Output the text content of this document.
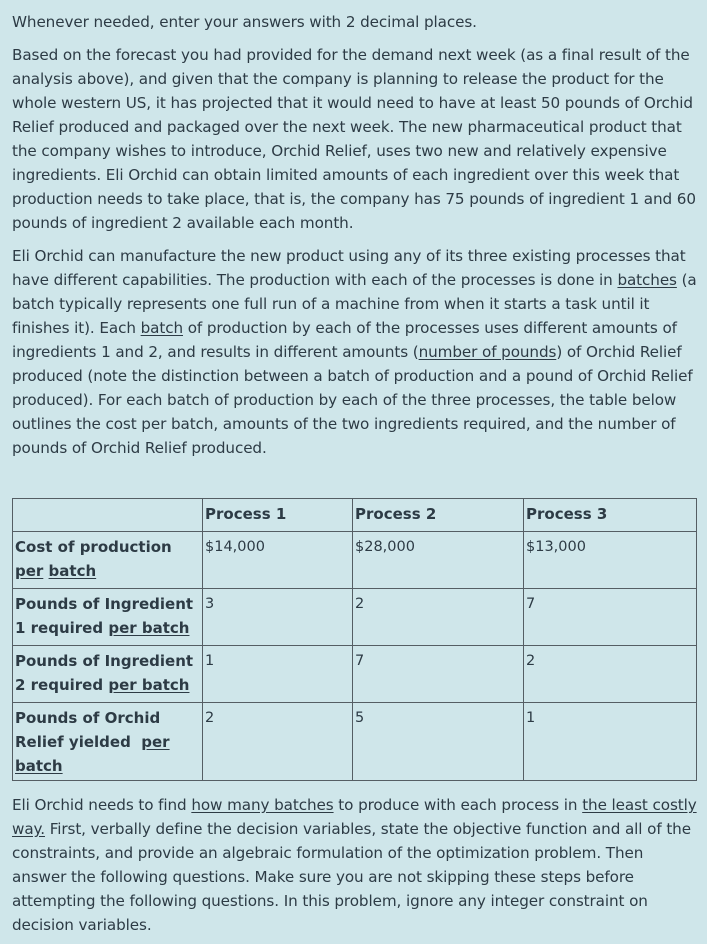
Whenever needed, enter your answers with 2 decimal places.

Based on the forecast you had provided for the demand next week (as a final result of the analysis above), and given that the company is planning to release the product for the whole western US, it has projected that it would need to have at least 50 pounds of Orchid Relief produced and packaged over the next week. The new pharmaceutical product that the company wishes to introduce, Orchid Relief, uses two new and relatively expensive ingredients. Eli Orchid can obtain limited amounts of each ingredient over this week that production needs to take place, that is, the company has 75 pounds of ingredient 1 and 60 pounds of ingredient 2 available each month.

Eli Orchid can manufacture the new product using any of its three existing processes that have different capabilities. The production with each of the processes is done in batches (a batch typically represents one full run of a machine from when it starts a task until it finishes it). Each batch of production by each of the processes uses different amounts of ingredients 1 and 2, and results in different amounts (number of pounds) of Orchid Relief produced (note the distinction between a batch of production and a pound of Orchid Relief produced). For each batch of production by each of the three processes, the table below outlines the cost per batch, amounts of the two ingredients required, and the number of pounds of Orchid Relief produced.

	Process 1	Process 2	Process 3
Cost of production per batch	$14,000	$28,000	$13,000
Pounds of Ingredient 1 required per batch	3	2	7
Pounds of Ingredient 2 required per batch	1	7	2
Pounds of Orchid Relief yielded  per batch	2	5	1

Eli Orchid needs to find how many batches to produce with each process in the least costly way. First, verbally define the decision variables, state the objective function and all of the constraints, and provide an algebraic formulation of the optimization problem. Then answer the following questions. Make sure you are not skipping these steps before attempting the following questions. In this problem, ignore any integer constraint on decision variables.
